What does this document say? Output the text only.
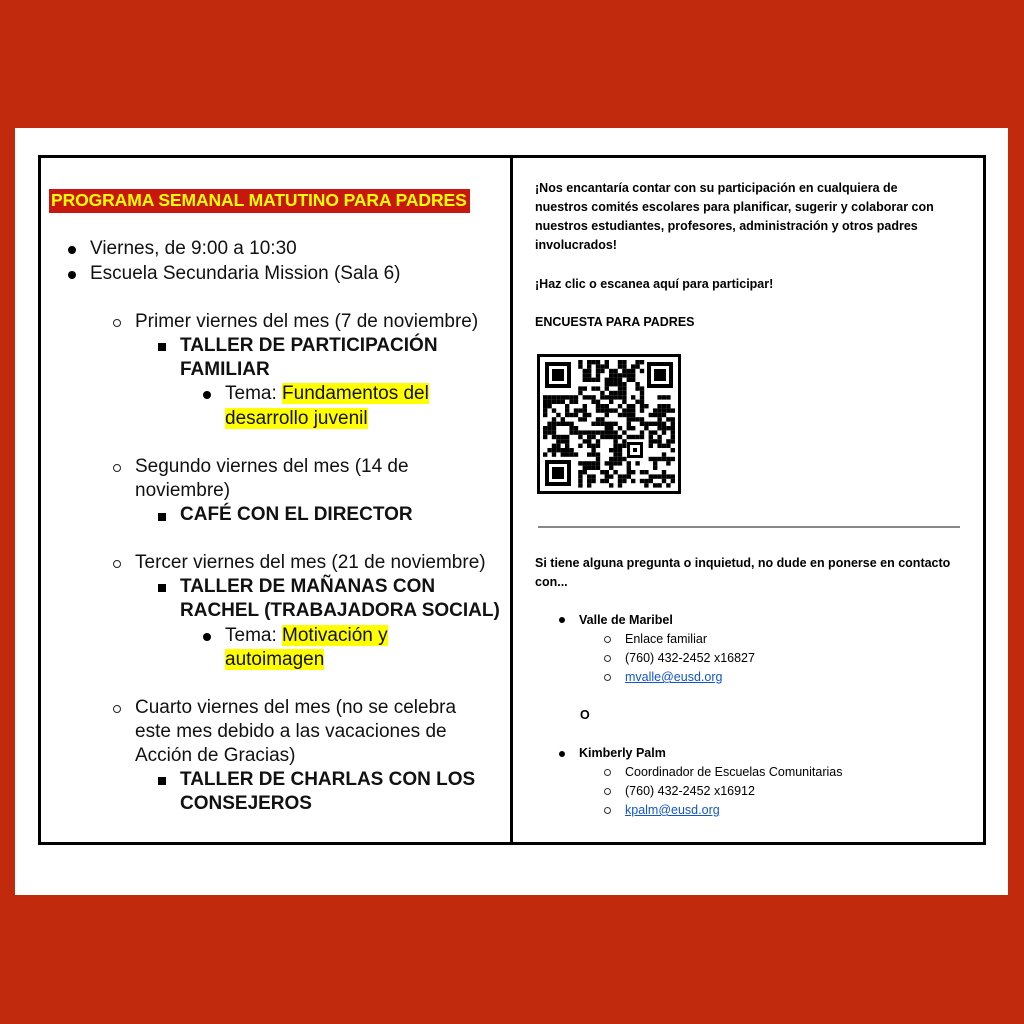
PROGRAMA SEMANAL MATUTINO PARA PADRES
Viernes, de 9:00 a 10:30
Escuela Secundaria Mission (Sala 6)
Primer viernes del mes (7 de noviembre)
TALLER DE PARTICIPACIÓN
FAMILIAR
Tema: Fundamentos del
desarrollo juvenil
Segundo viernes del mes (14 de
noviembre)
CAFÉ CON EL DIRECTOR
Tercer viernes del mes (21 de noviembre)
TALLER DE MAÑANAS CON
RACHEL (TRABAJADORA SOCIAL)
Tema: Motivación y
autoimagen
Cuarto viernes del mes (no se celebra
este mes debido a las vacaciones de
Acción de Gracias)
TALLER DE CHARLAS CON LOS
CONSEJEROS
¡Nos encantaría contar con su participación en cualquiera de
nuestros comités escolares para planificar, sugerir y colaborar con
nuestros estudiantes, profesores, administración y otros padres
involucrados!
¡Haz clic o escanea aquí para participar!
ENCUESTA PARA PADRES
Si tiene alguna pregunta o inquietud, no dude en ponerse en contacto
con...
Valle de Maribel
Enlace familiar
(760) 432-2452 x16827
mvalle@eusd.org
O
Kimberly Palm
Coordinador de Escuelas Comunitarias
(760) 432-2452 x16912
kpalm@eusd.org
